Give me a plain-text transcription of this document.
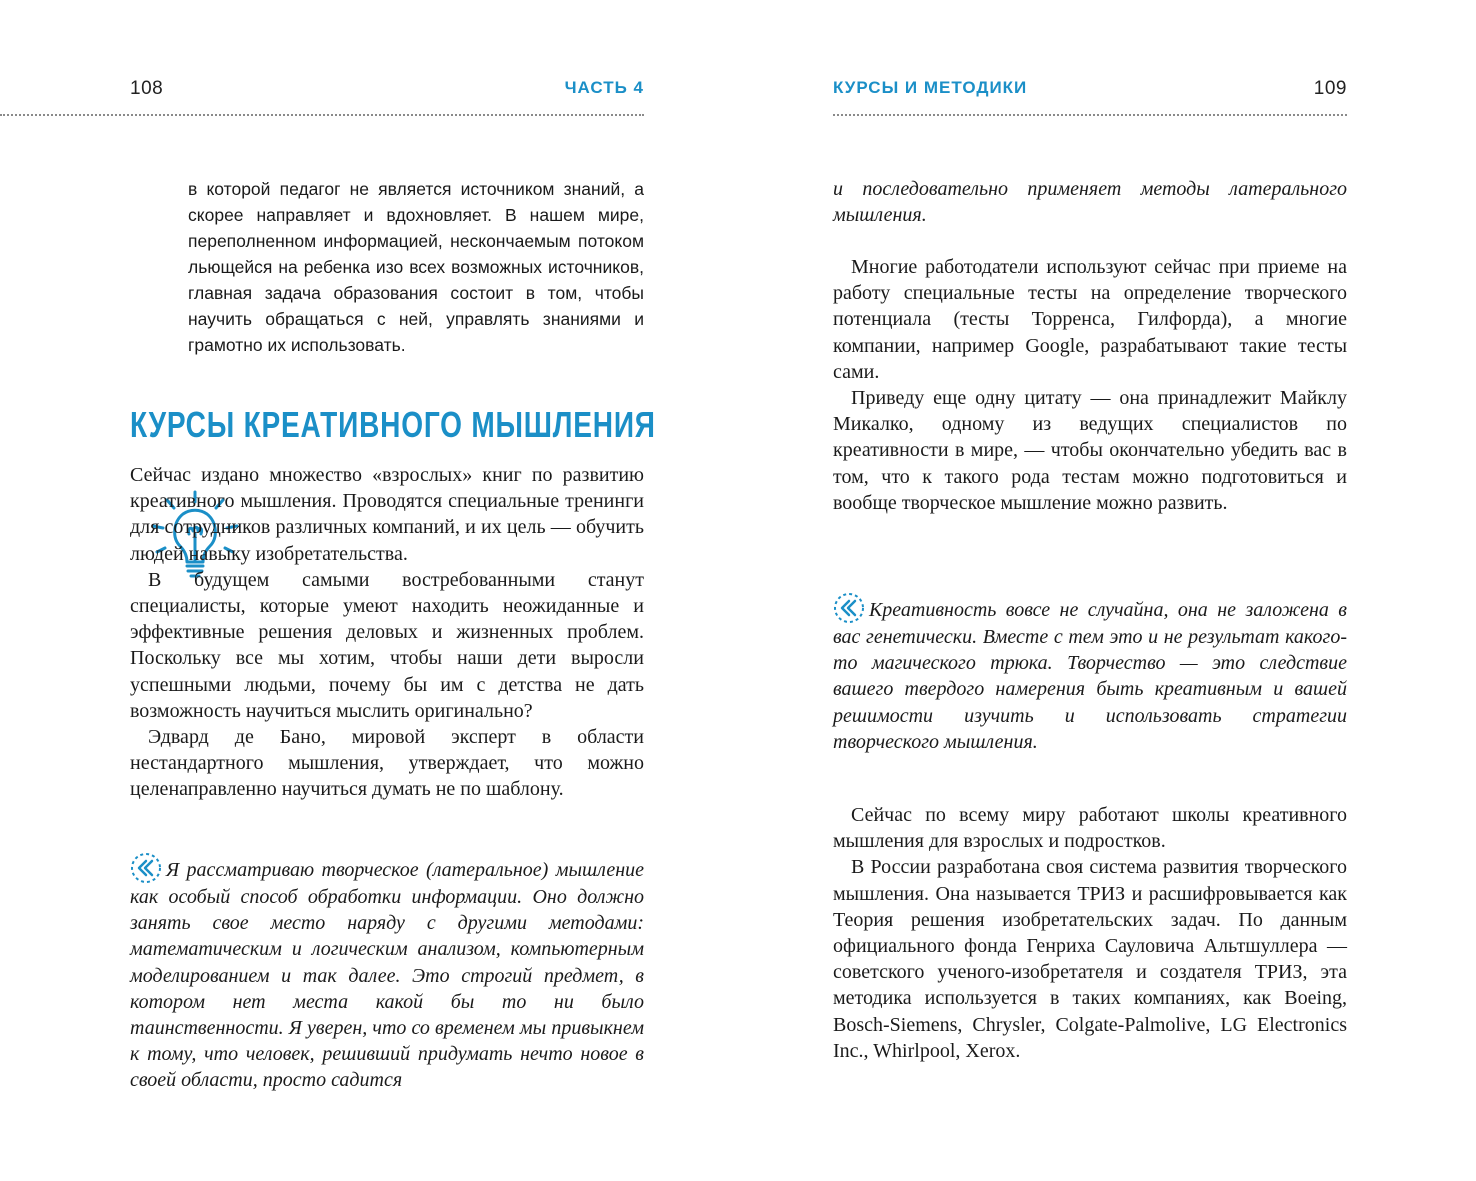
108	ЧАСТЬ 4
в которой педагог не является источником знаний, а скорее направляет и вдохновляет. В нашем мире, переполненном информацией, нескончаемым потоком льющейся на ребенка изо всех возможных источников, главная задача образования состоит в том, чтобы научить обращаться с ней, управлять знаниями и грамотно их использовать.
КУРСЫ КРЕАТИВНОГО МЫШЛЕНИЯ

Сейчас издано множество «взрослых» книг по развитию креативного мышления. Проводятся специальные тренинги для сотрудников различных компаний, и их цель — обучить людей навыку изобретательства.

В будущем самыми востребованными станут специалисты, которые умеют находить неожиданные и эффективные решения деловых и жизненных проблем. Поскольку все мы хотим, чтобы наши дети выросли успешными людьми, почему бы им с детства не дать возможность научиться мыслить оригинально?

Эдвард де Бано, мировой эксперт в области нестандартного мышления, утверждает, что можно целенаправленно научиться думать не по шаблону.

Я рассматриваю творческое (латеральное) мышление как особый способ обработки информации. Оно должно занять свое место наряду с другими методами: математическим и логическим анализом, компьютерным моделированием и так далее. Это строгий предмет, в котором нет места какой бы то ни было таинственности. Я уверен, что со временем мы привыкнем к тому, что человек, решивший придумать нечто новое в своей области, просто садится
КУРСЫ И МЕТОДИКИ	109
и последовательно применяет методы латерального мышления.

Многие работодатели используют сейчас при приеме на работу специальные тесты на определение творческого потенциала (тесты Торренса, Гилфорда), а многие компании, например Google, разрабатывают такие тесты сами.

Приведу еще одну цитату — она принадлежит Майклу Микалко, одному из ведущих специалистов по креативности в мире, — чтобы окончательно убедить вас в том, что к такого рода тестам можно подготовиться и вообще творческое мышление можно развить.

Креативность вовсе не случайна, она не заложена в вас генетически. Вместе с тем это и не результат какого-то магического трюка. Творчество — это следствие вашего твердого намерения быть креативным и вашей решимости изучить и использовать стратегии творческого мышления.

Сейчас по всему миру работают школы креативного мышления для взрослых и подростков.

В России разработана своя система развития творческого мышления. Она называется ТРИЗ и расшифровывается как Теория решения изобретательских задач. По данным официального фонда Генриха Сауловича Альтшуллера — советского ученого-изобретателя и создателя ТРИЗ, эта методика используется в таких компаниях, как Boeing, Bosch-Siemens, Chrysler, Colgate-Palmolive, LG Electronics Inc., Whirlpool, Xerox.
